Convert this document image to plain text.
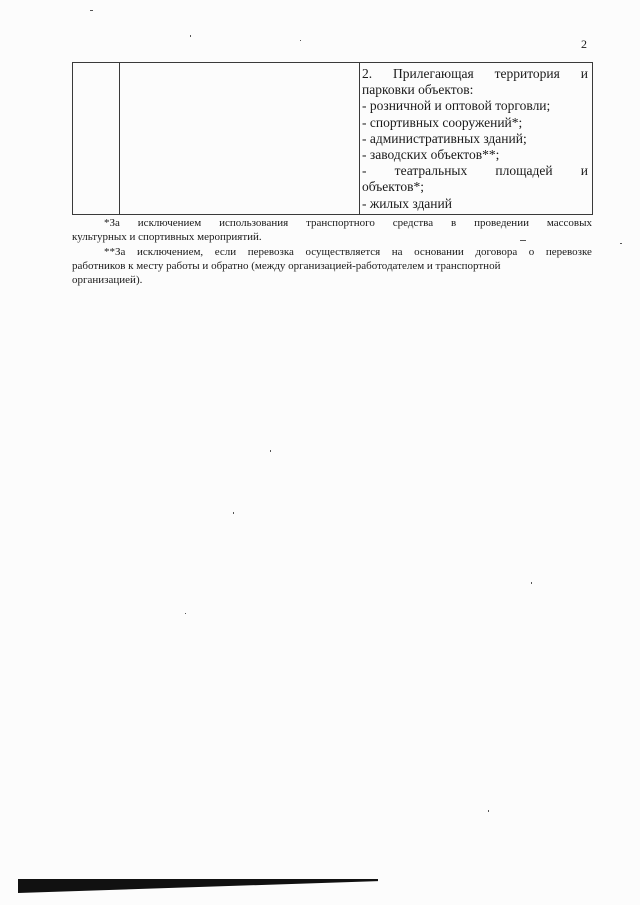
2
2. Прилегающая территория и
парковки объектов:
- розничной и оптовой торговли;
- спортивных сооружений*;
- административных зданий;
- заводских объектов**;
- театральных площадей и
объектов*;
- жилых зданий
*За исключением использования транспортного средства в проведении массовых
культурных и спортивных мероприятий.
**За исключением, если перевозка осуществляется на основании договора о перевозке
работников к месту работы и обратно (между организацией-работодателем и транспортной
организацией).
